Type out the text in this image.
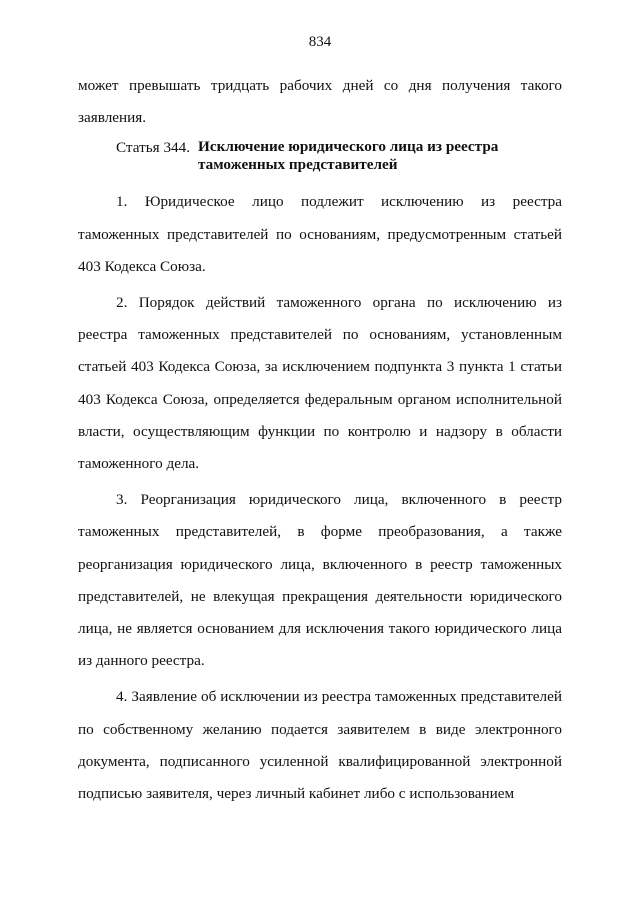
834

может превышать тридцать рабочих дней со дня получения такого заявления.

Статья 344. Исключение юридического лица из реестра таможенных представителей

1. Юридическое лицо подлежит исключению из реестра таможенных представителей по основаниям, предусмотренным статьей 403 Кодекса Союза.

2. Порядок действий таможенного органа по исключению из реестра таможенных представителей по основаниям, установленным статьей 403 Кодекса Союза, за исключением подпункта 3 пункта 1 статьи 403 Кодекса Союза, определяется федеральным органом исполнительной власти, осуществляющим функции по контролю и надзору в области таможенного дела.

3. Реорганизация юридического лица, включенного в реестр таможенных представителей, в форме преобразования, а также реорганизация юридического лица, включенного в реестр таможенных представителей, не влекущая прекращения деятельности юридического лица, не является основанием для исключения такого юридического лица из данного реестра.

4. Заявление об исключении из реестра таможенных представителей по собственному желанию подается заявителем в виде электронного документа, подписанного усиленной квалифицированной электронной подписью заявителя, через личный кабинет либо с использованием
